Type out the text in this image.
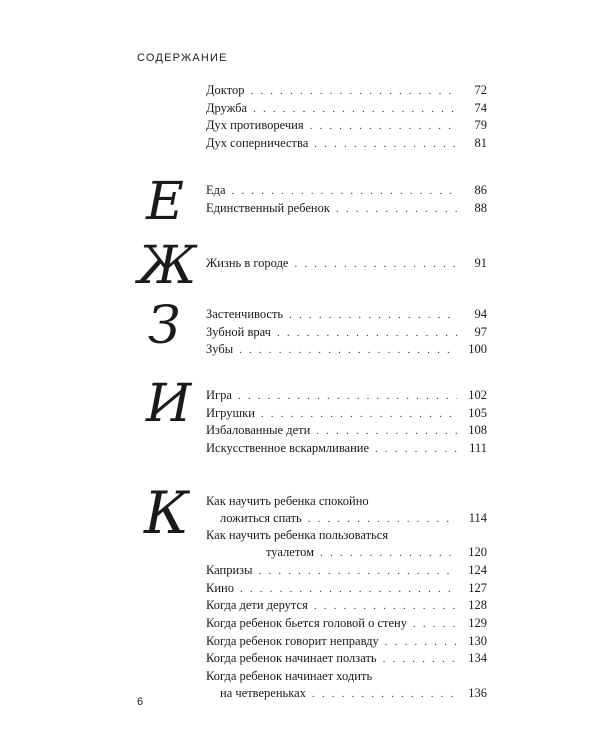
СОДЕРЖАНИЕ
Доктор . . .	72
Дружба . . .	74
Дух противоречия . . .	79
Дух соперничества . . .	81
Е Еда . . .	86
Единственный ребенок . . .	88
Ж Жизнь в городе . . .	91
З Застенчивость . . .	94
Зубной врач . . .	97
Зубы . . .	100
И Игра . . .	102
Игрушки . . .	105
Избалованные дети . . .	108
Искусственное вскармливание . . .	111
К Как научить ребенка спокойно
ложиться спать . . .	114
Как научить ребенка пользоваться
туалетом . . .	120
Капризы . . .	124
Кино . . .	127
Когда дети дерутся . . .	128
Когда ребенок бьется головой о стену . . .	129
Когда ребенок говорит неправду . . .	130
Когда ребенок начинает ползать . . .	134
Когда ребенок начинает ходить
на четвереньках . . .	136
6
